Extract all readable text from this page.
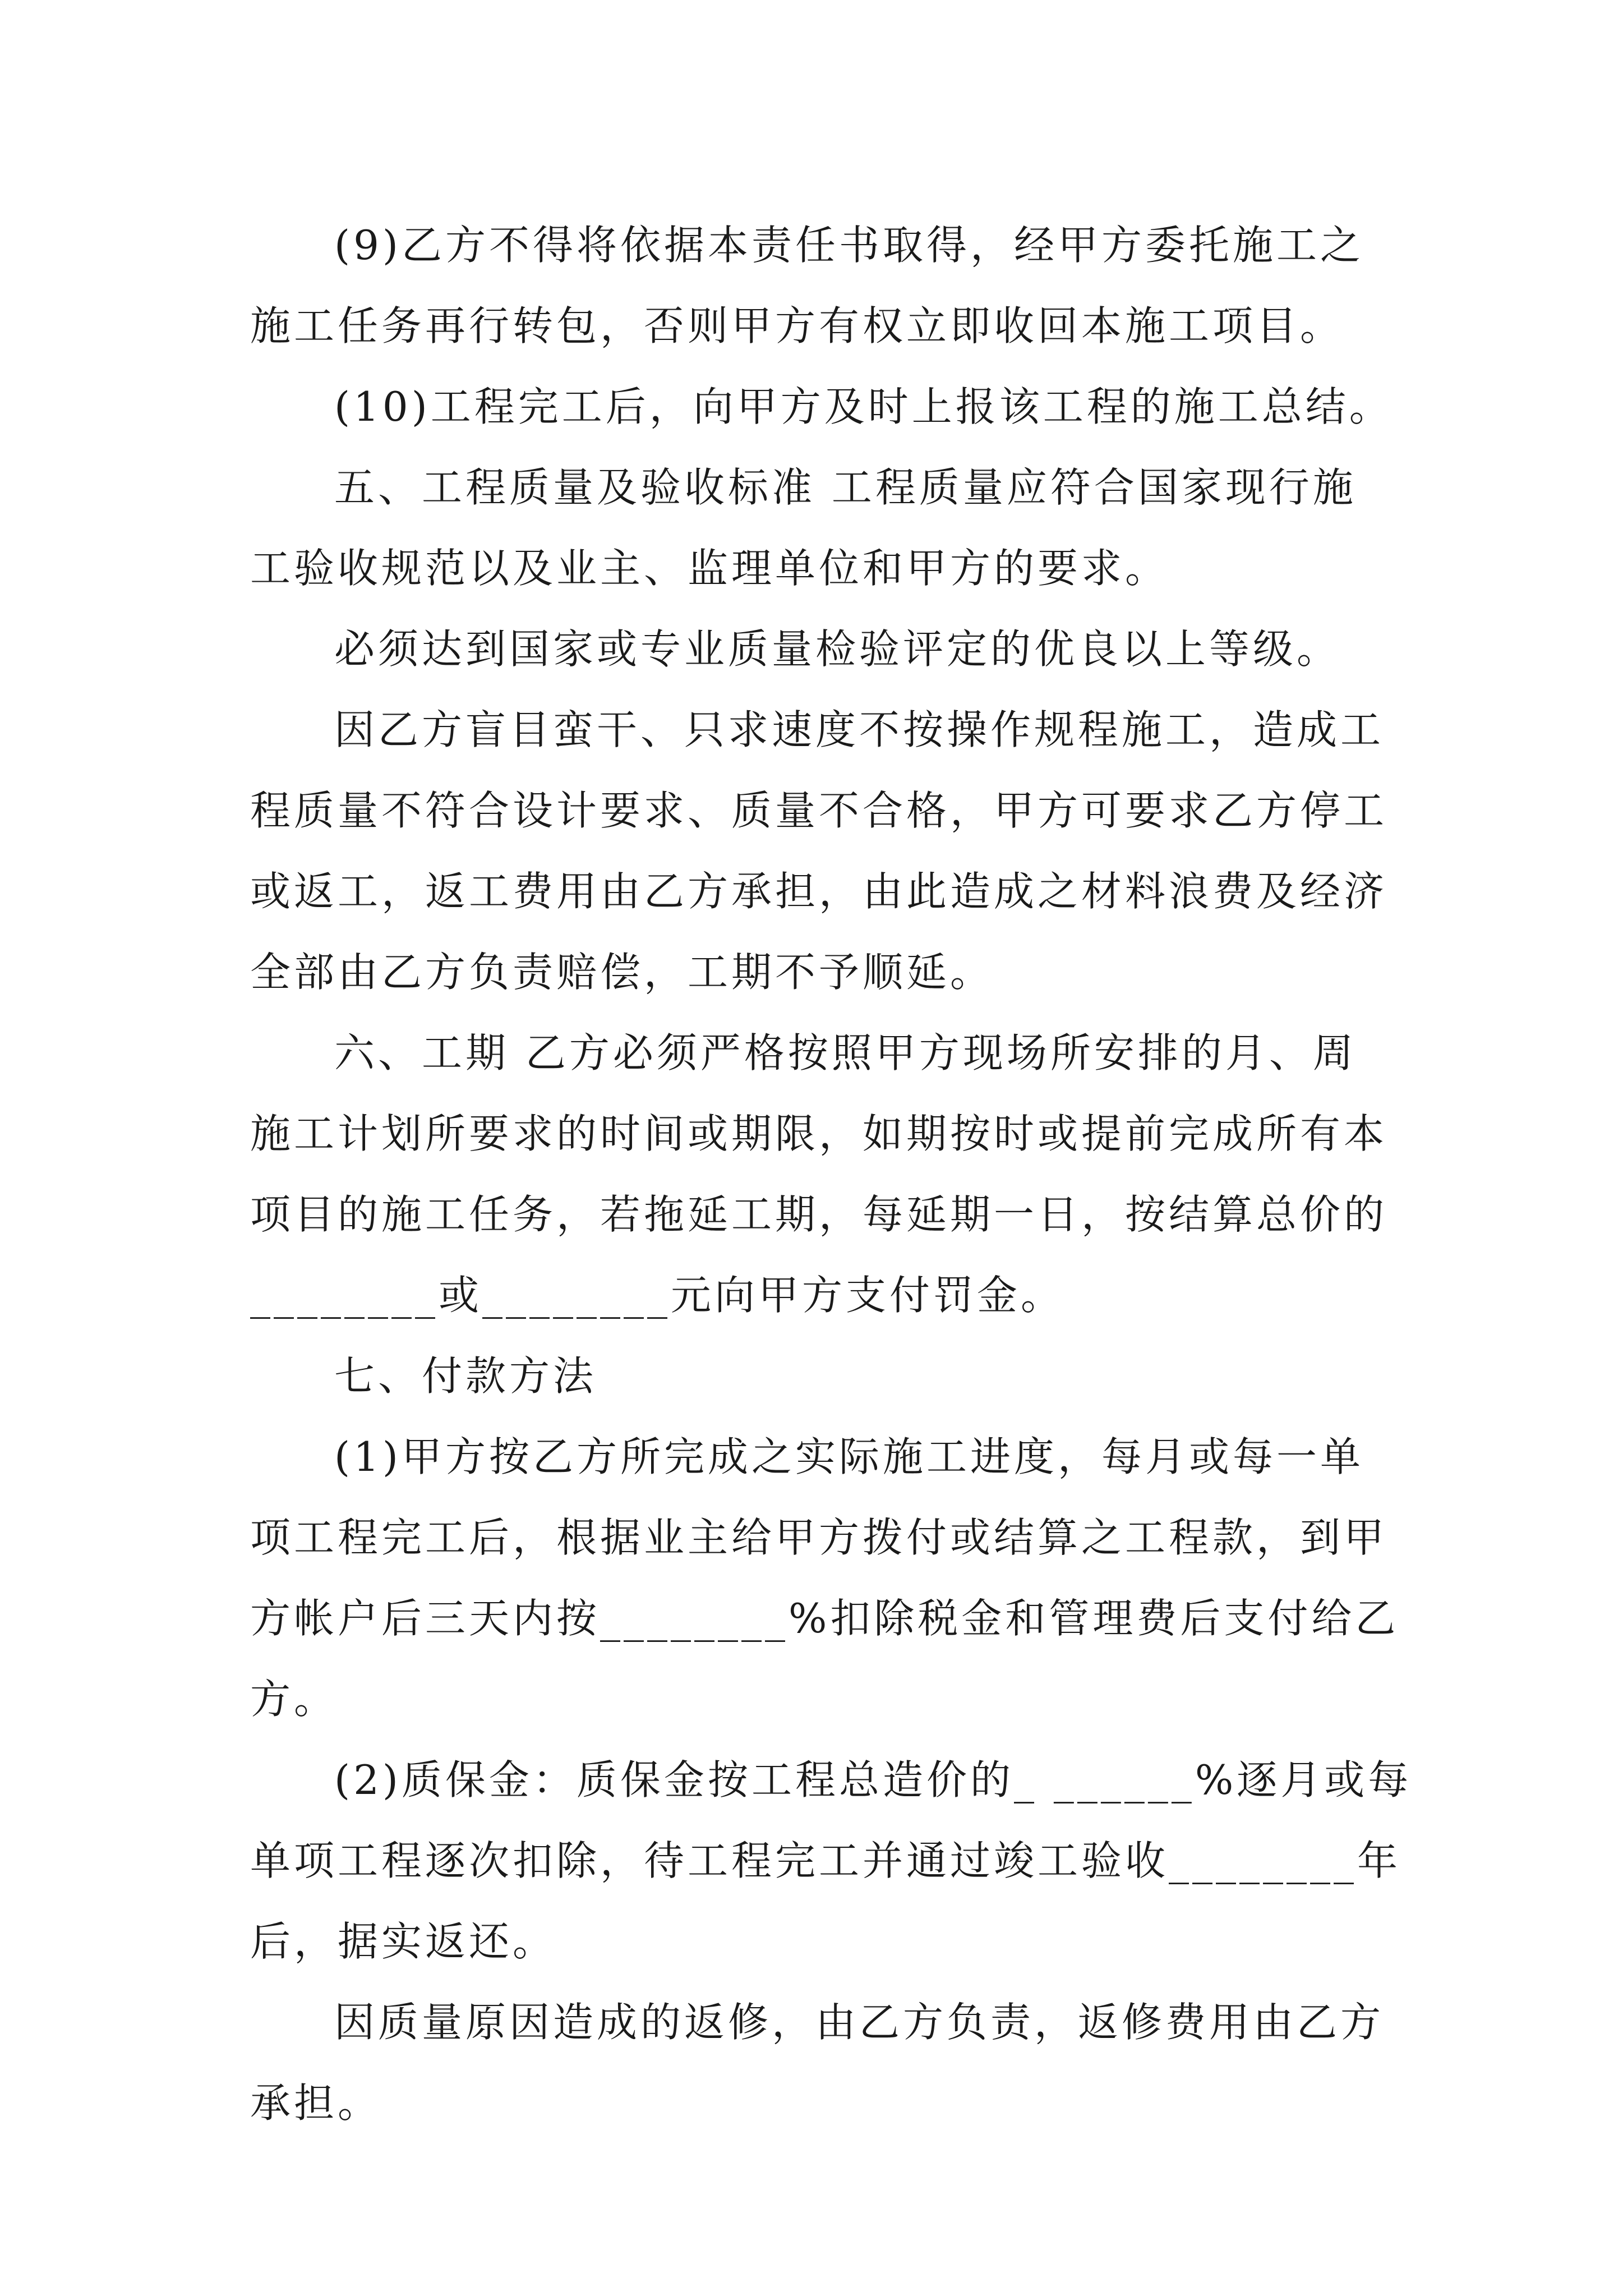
(9)乙方不得将依据本责任书取得，经甲方委托施工之
施工任务再行转包，否则甲方有权立即收回本施工项目。
(10)工程完工后，向甲方及时上报该工程的施工总结。
五、工程质量及验收标准 工程质量应符合国家现行施
工验收规范以及业主、监理单位和甲方的要求。
必须达到国家或专业质量检验评定的优良以上等级。
因乙方盲目蛮干、只求速度不按操作规程施工，造成工
程质量不符合设计要求、质量不合格，甲方可要求乙方停工
或返工，返工费用由乙方承担，由此造成之材料浪费及经济
全部由乙方负责赔偿，工期不予顺延。
六、工期 乙方必须严格按照甲方现场所安排的月、周
施工计划所要求的时间或期限，如期按时或提前完成所有本
项目的施工任务，若拖延工期，每延期一日，按结算总价的
________或________元向甲方支付罚金。
七、付款方法
(1)甲方按乙方所完成之实际施工进度，每月或每一单
项工程完工后，根据业主给甲方拨付或结算之工程款，到甲
方帐户后三天内按________%扣除税金和管理费后支付给乙
方。
(2)质保金：质保金按工程总造价的_ ______%逐月或每
单项工程逐次扣除，待工程完工并通过竣工验收________年
后，据实返还。
因质量原因造成的返修，由乙方负责，返修费用由乙方
承担。
